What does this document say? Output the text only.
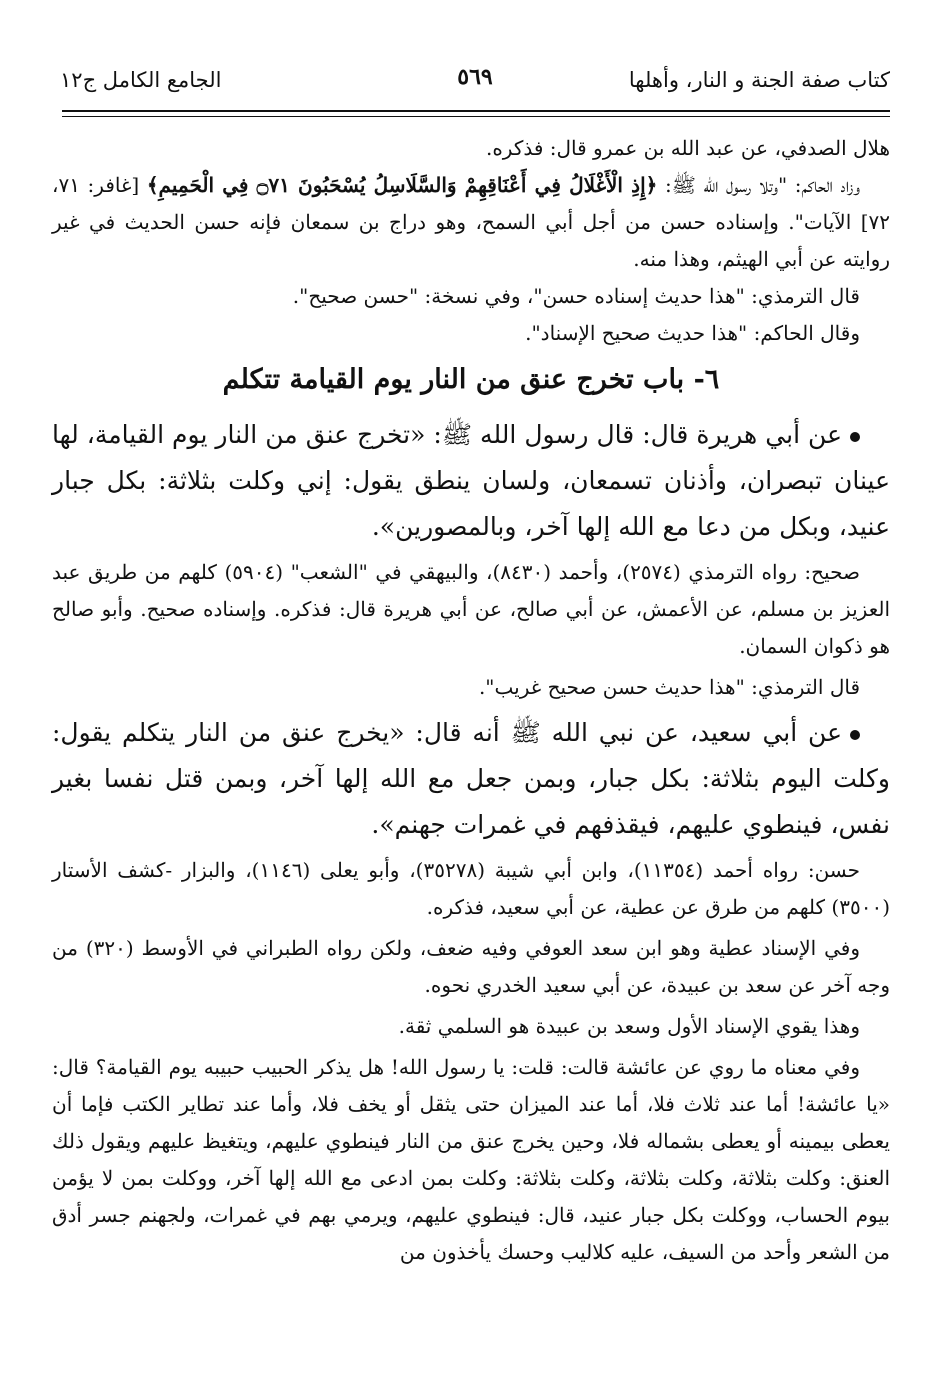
كتاب صفة الجنة و النار، وأهلها
٥٦٩
الجامع الكامل ج١٢

هلال الصدفي، عن عبد الله بن عمرو قال: فذكره.

وزاد الحاكم: "وتلا رسول الله ﷺ: ﴿إِذِ الْأَغْلَالُ فِي أَعْنَاقِهِمْ وَالسَّلَاسِلُ يُسْحَبُونَ ۝٧١ فِي الْحَمِيمِ﴾ [غافر: ٧١، ٧٢] الآيات". وإسناده حسن من أجل أبي السمح، وهو دراج بن سمعان فإنه حسن الحديث في غير روايته عن أبي الهيثم، وهذا منه.

قال الترمذي: "هذا حديث إسناده حسن"، وفي نسخة: "حسن صحيح".

وقال الحاكم: "هذا حديث صحيح الإسناد".

٦- باب تخرج عنق من النار يوم القيامة تتكلم

عن أبي هريرة قال: قال رسول الله ﷺ: «تخرج عنق من النار يوم القيامة، لها عينان تبصران، وأذنان تسمعان، ولسان ينطق يقول: إني وكلت بثلاثة: بكل جبار عنيد، وبكل من دعا مع الله إلها آخر، وبالمصورين».

صحيح: رواه الترمذي (٢٥٧٤)، وأحمد (٨٤٣٠)، والبيهقي في "الشعب" (٥٩٠٤) كلهم من طريق عبد العزيز بن مسلم، عن الأعمش، عن أبي صالح، عن أبي هريرة قال: فذكره. وإسناده صحيح. وأبو صالح هو ذكوان السمان.

قال الترمذي: "هذا حديث حسن صحيح غريب".

عن أبي سعيد، عن نبي الله ﷺ أنه قال: «يخرج عنق من النار يتكلم يقول: وكلت اليوم بثلاثة: بكل جبار، وبمن جعل مع الله إلها آخر، وبمن قتل نفسا بغير نفس، فينطوي عليهم، فيقذفهم في غمرات جهنم».

حسن: رواه أحمد (١١٣٥٤)، وابن أبي شيبة (٣٥٢٧٨)، وأبو يعلى (١١٤٦)، والبزار -كشف الأستار (٣٥٠٠) كلهم من طرق عن عطية، عن أبي سعيد، فذكره.

وفي الإسناد عطية وهو ابن سعد العوفي وفيه ضعف، ولكن رواه الطبراني في الأوسط (٣٢٠) من وجه آخر عن سعد بن عبيدة، عن أبي سعيد الخدري نحوه.

وهذا يقوي الإسناد الأول وسعد بن عبيدة هو السلمي ثقة.

وفي معناه ما روي عن عائشة قالت: قلت: يا رسول الله! هل يذكر الحبيب حبيبه يوم القيامة؟ قال: «يا عائشة! أما عند ثلاث فلا، أما عند الميزان حتى يثقل أو يخف فلا، وأما عند تطاير الكتب فإما أن يعطى بيمينه أو يعطى بشماله فلا، وحين يخرج عنق من النار فينطوي عليهم، ويتغيظ عليهم ويقول ذلك العنق: وكلت بثلاثة، وكلت بثلاثة، وكلت بثلاثة: وكلت بمن ادعى مع الله إلها آخر، ووكلت بمن لا يؤمن بيوم الحساب، ووكلت بكل جبار عنيد، قال: فينطوي عليهم، ويرمي بهم في غمرات، ولجهنم جسر أدق من الشعر وأحد من السيف، عليه كلاليب وحسك يأخذون من
